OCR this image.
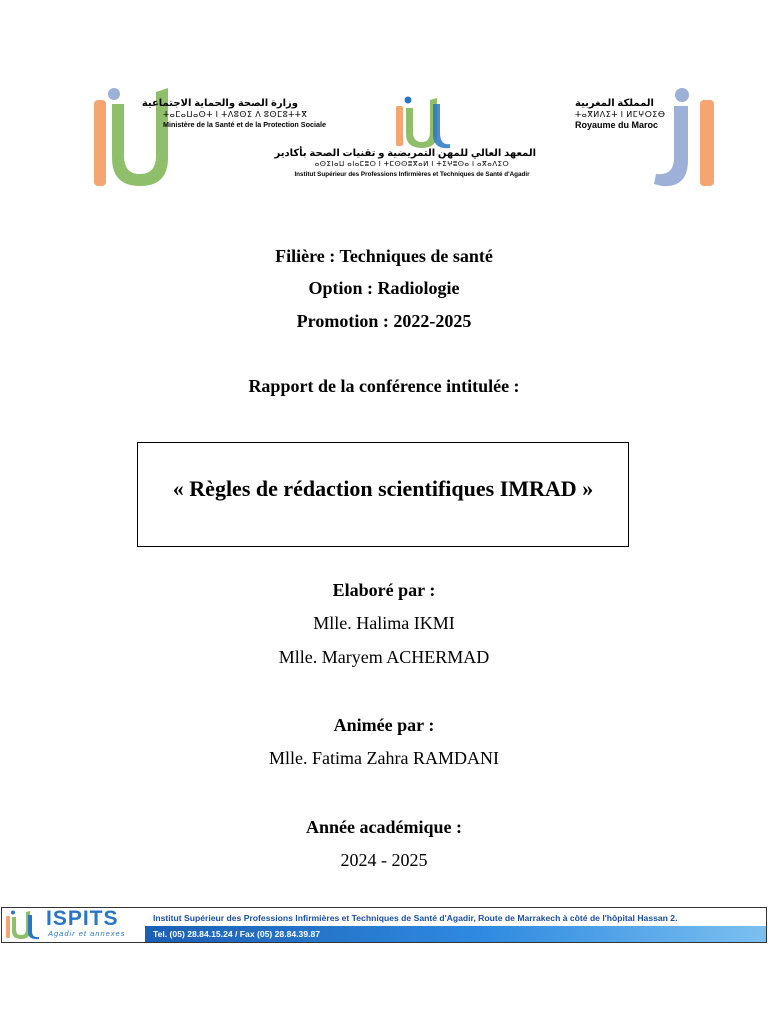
وزارة الصحة والحماية الاجتماعية
ⵜⴰⵎⴰⵡⴰⵙⵜ ⵏ ⵜⴷⵓⵙⵉ ⴷ ⵓⵙⵎⵓⵜⵜⴳ
Ministère de la Santé et de la Protection Sociale
المعهد العالي للمهن التمريضية و تقنيات الصحة بأكادير
ⴰⵙⵉⵏⴰⵡ ⴰⵏⴰⵎⵓⵔ ⵏ ⵜⵎⵙⵙⵓⴳⴰⵍ ⵏ ⵜⵉⵖⵓⵙⴰ ⵏ ⴰⴳⴰⴷⵉⵔ
Institut Supérieur des Professions Infirmières et Techniques de Santé d'Agadir
المملكة المغربية
ⵜⴰⴳⵍⴷⵉⵜ ⵏ ⵍⵎⵖⵔⵉⴱ
Royaume du Maroc
Filière : Techniques de santé
Option : Radiologie
Promotion : 2022-2025
Rapport de la conférence intitulée :
« Règles de rédaction scientifiques IMRAD »
Elaboré par :
Mlle. Halima IKMI
Mlle. Maryem ACHERMAD
Animée par :
Mlle. Fatima Zahra RAMDANI
Année académique :
2024 - 2025
ISPITS
Agadir et annexes
Institut Supérieur des Professions Infirmières et Techniques de Santé d'Agadir, Route de Marrakech à côté de l'hôpital Hassan 2.
Tel. (05) 28.84.15.24 / Fax (05) 28.84.39.87
